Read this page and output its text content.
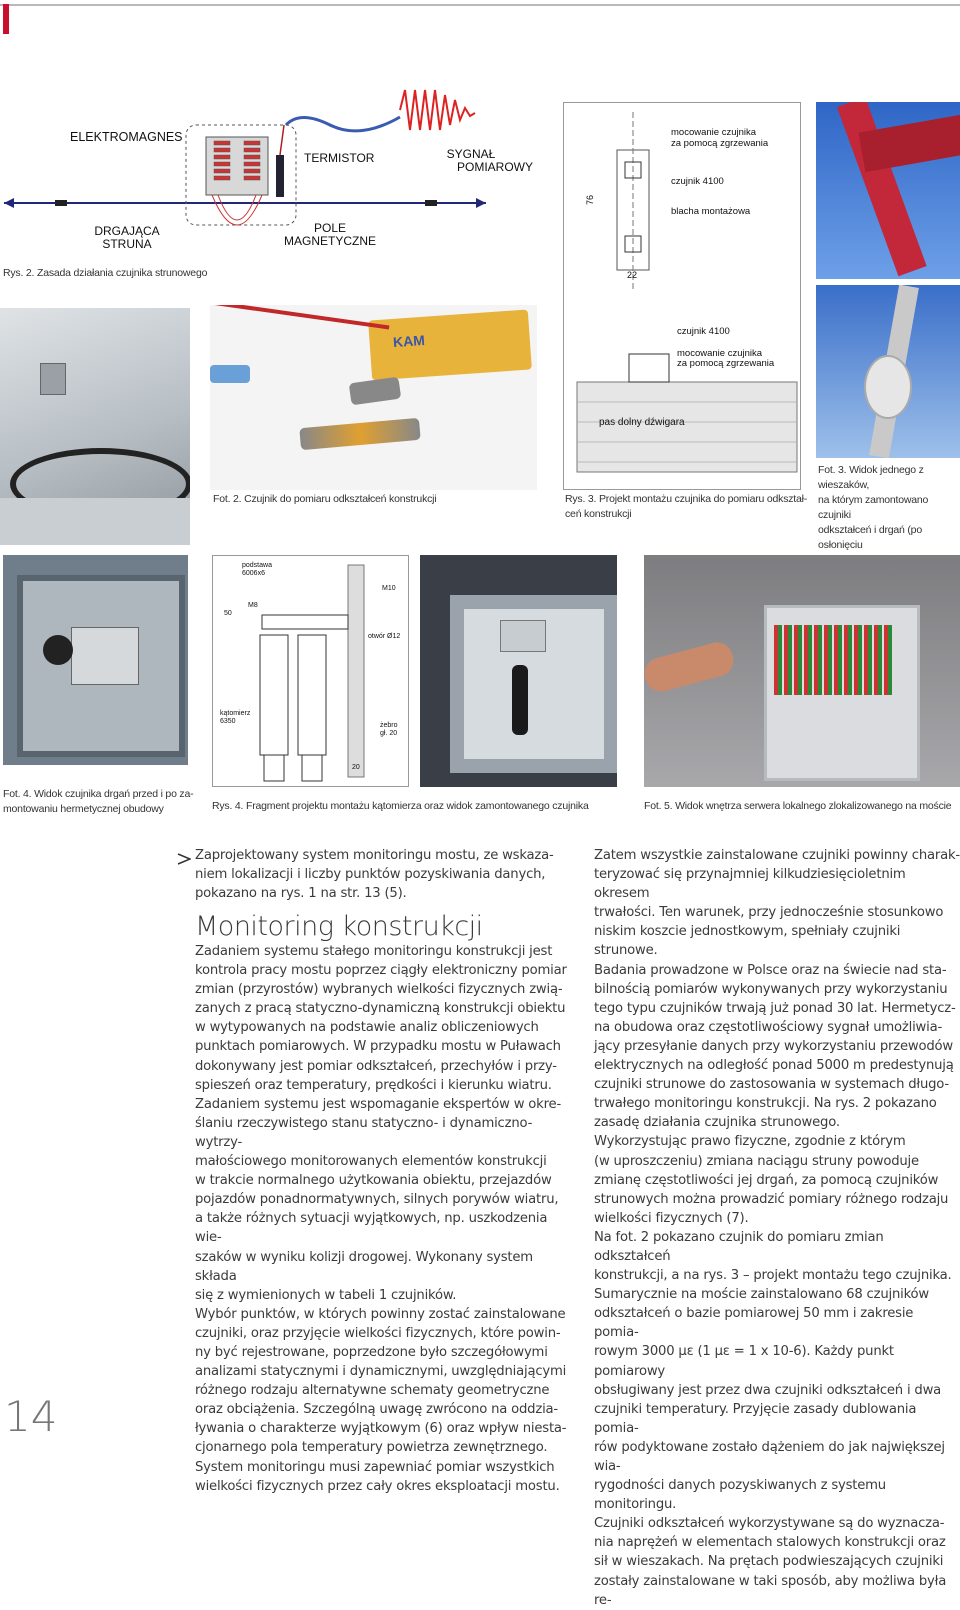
ELEKTROMAGNES
TERMISTOR	SYGNAŁ
POMIAROWY
DRGAJĄCA
STRUNA
POLE
MAGNETYCZNE
Rys. 2. Zasada działania czujnika strunowego
KAM
Fot. 2. Czujnik do pomiaru odkształceń konstrukcji
mocowanie czujnika
za pomocą zgrzewania
czujnik 4100
blacha montażowa
76
22
czujnik 4100
mocowanie czujnika
za pomocą zgrzewania
pas dolny dźwigara
Rys. 3. Projekt montażu czujnika do pomiaru odkształ-
ceń konstrukcji
Fot. 3. Widok jednego z wieszaków,
na którym zamontowano czujniki
odkształceń i drgań (po osłonięciu
Fot. 4. Widok czujnika drgań przed i po za-
montowaniu hermetycznej obudowy
podstawa
6006x6
M10
M8
otwór Ø12
50
kątomierz
6350
żebro
gł. 20
20
Rys. 4. Fragment projektu montażu kątomierza oraz widok zamontowanego czujnika	Fot. 5. Widok wnętrza serwera lokalnego zlokalizowanego na moście

Zaprojektowany system monitoringu mostu, ze wskaza-

niem lokalizacji i liczby punktów pozyskiwania danych,

pokazano na rys. 1 na str. 13 (5).

Monitoring konstrukcji

Zadaniem systemu stałego monitoringu konstrukcji jest

kontrola pracy mostu poprzez ciągły elektroniczny pomiar

zmian (przyrostów) wybranych wielkości fizycznych zwią-

zanych z pracą statyczno-dynamiczną konstrukcji obiektu

w wytypowanych na podstawie analiz obliczeniowych

punktach pomiarowych. W przypadku mostu w Puławach

dokonywany jest pomiar odkształceń, przechyłów i przy-

spieszeń oraz temperatury, prędkości i kierunku wiatru.

Zadaniem systemu jest wspomaganie ekspertów w okre-

ślaniu rzeczywistego stanu statyczno- i dynamiczno-wytrzy-

małościowego monitorowanych elementów konstrukcji

w trakcie normalnego użytkowania obiektu, przejazdów

pojazdów ponadnormatywnych, silnych porywów wiatru,

a także różnych sytuacji wyjątkowych, np. uszkodzenia wie-

szaków w wyniku kolizji drogowej. Wykonany system składa

się z wymienionych w tabeli 1 czujników.

Wybór punktów, w których powinny zostać zainstalowane

czujniki, oraz przyjęcie wielkości fizycznych, które powin-

ny być rejestrowane, poprzedzone było szczegółowymi

analizami statycznymi i dynamicznymi, uwzględniającymi

różnego rodzaju alternatywne schematy geometryczne

oraz obciążenia. Szczególną uwagę zwrócono na oddzia-

ływania o charakterze wyjątkowym (6) oraz wpływ niesta-

cjonarnego pola temperatury powietrza zewnętrznego.

System monitoringu musi zapewniać pomiar wszystkich

wielkości fizycznych przez cały okres eksploatacji mostu.

Zatem wszystkie zainstalowane czujniki powinny charak-

teryzować się przynajmniej kilkudziesięcioletnim okresem

trwałości. Ten warunek, przy jednocześnie stosunkowo

niskim koszcie jednostkowym, spełniały czujniki strunowe.

Badania prowadzone w Polsce oraz na świecie nad sta-

bilnością pomiarów wykonywanych przy wykorzystaniu

tego typu czujników trwają już ponad 30 lat. Hermetycz-

na obudowa oraz częstotliwościowy sygnał umożliwia-

jący przesyłanie danych przy wykorzystaniu przewodów

elektrycznych na odległość ponad 5000 m predestynują

czujniki strunowe do zastosowania w systemach długo-

trwałego monitoringu konstrukcji. Na rys. 2 pokazano

zasadę działania czujnika strunowego.

Wykorzystując prawo fizyczne, zgodnie z którym

(w uproszczeniu) zmiana naciągu struny powoduje

zmianę częstotliwości jej drgań, za pomocą czujników

strunowych można prowadzić pomiary różnego rodzaju

wielkości fizycznych (7).

Na fot. 2 pokazano czujnik do pomiaru zmian odkształceń

konstrukcji, a na rys. 3 – projekt montażu tego czujnika.

Sumarycznie na moście zainstalowano 68 czujników

odkształceń o bazie pomiarowej 50 mm i zakresie pomia-

rowym 3000 με (1 με = 1 x 10-6). Każdy punkt pomiarowy

obsługiwany jest przez dwa czujniki odkształceń i dwa

czujniki temperatury. Przyjęcie zasady dublowania pomia-

rów podyktowane zostało dążeniem do jak największej wia-

rygodności danych pozyskiwanych z systemu monitoringu.

Czujniki odkształceń wykorzystywane są do wyznacza-

nia naprężeń w elementach stalowych konstrukcji oraz

sił w wieszakach. Na prętach podwieszających czujniki

zostały zainstalowane w taki sposób, aby możliwa była re-

14
